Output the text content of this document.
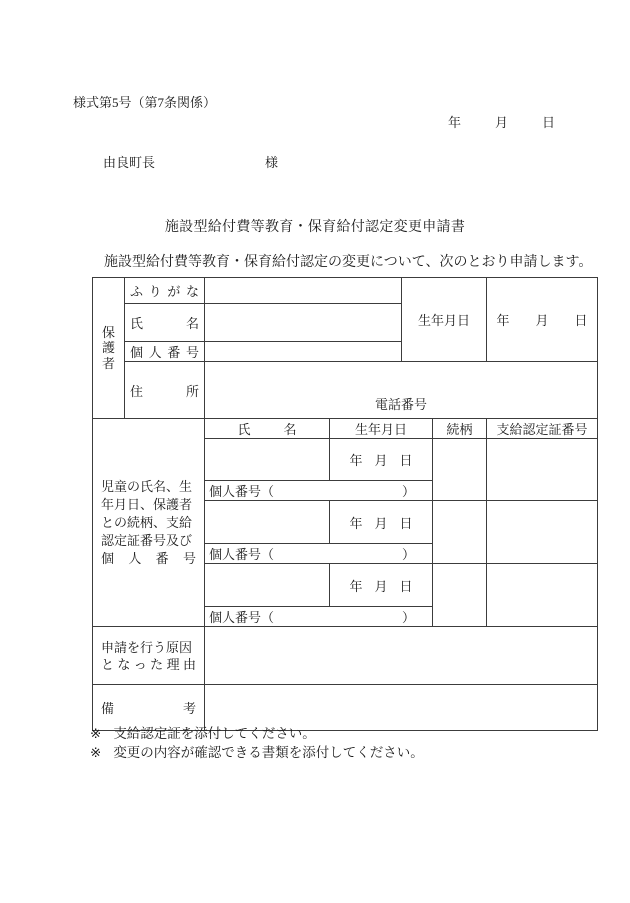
様式第5号（第7条関係）
年	月	日
由良町長	様
施設型給付費等教育・保育給付認定変更申請書
施設型給付費等教育・保育給付認定の変更について、次のとおり申請します。
保
護
者	ふ り が な			生年月日		年 月 日

	氏 名					

	個 人 番 号					

	住 所	電話番号				

児童の氏名、生
年月日、保護者
との続柄、支給
認定証番号及び
個 人 番 号

氏	名	生年月日	続柄	支給認定証番号

			年 月 日			

		個人番号（ ）				

			年 月 日			

		個人番号（ ）				

			年 月 日			

		個人番号（ ）				

申請を行う原因
と な っ た 理 由

備 考						

※ 支給認定証を添付してください。
※ 変更の内容が確認できる書類を添付してください。
